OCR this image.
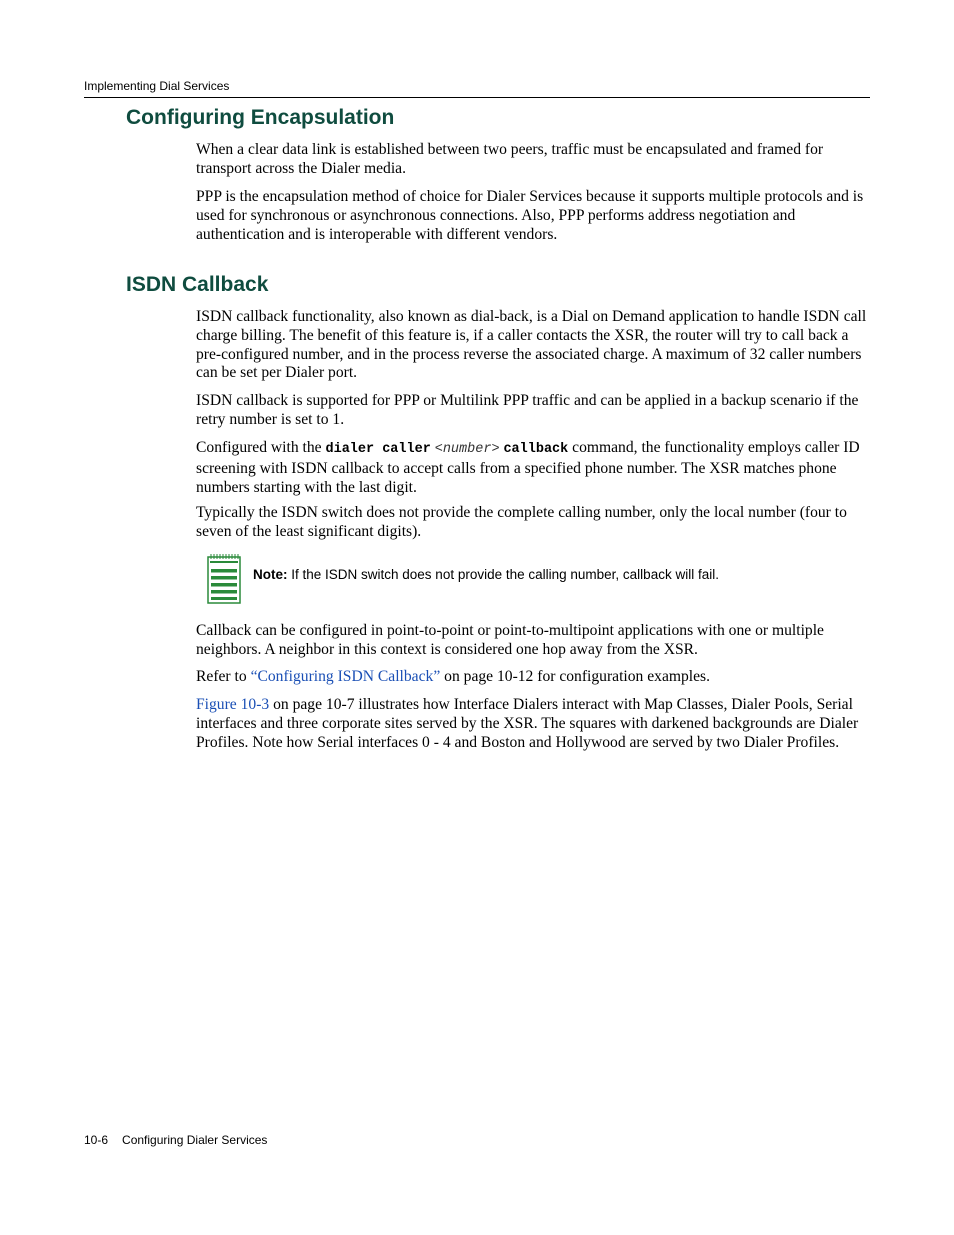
Implementing Dial Services
Configuring Encapsulation

When a clear data link is established between two peers, traffic must be encapsulated and framed for transport across the Dialer media.

PPP is the encapsulation method of choice for Dialer Services because it supports multiple protocols and is used for synchronous or asynchronous connections. Also, PPP performs address negotiation and authentication and is interoperable with different vendors.

ISDN Callback

ISDN callback functionality, also known as dial-back, is a Dial on Demand application to handle ISDN call charge billing. The benefit of this feature is, if a caller contacts the XSR, the router will try to call back a pre-configured number, and in the process reverse the associated charge. A maximum of 32 caller numbers can be set per Dialer port.

ISDN callback is supported for PPP or Multilink PPP traffic and can be applied in a backup scenario if the retry number is set to 1.

Configured with the dialer caller <number> callback command, the functionality employs caller ID screening with ISDN callback to accept calls from a specified phone number. The XSR matches phone numbers starting with the last digit.

Typically the ISDN switch does not provide the complete calling number, only the local number (four to seven of the least significant digits).

Note: If the ISDN switch does not provide the calling number, callback will fail.

Callback can be configured in point-to-point or point-to-multipoint applications with one or multiple neighbors. A neighbor in this context is considered one hop away from the XSR.

Refer to “Configuring ISDN Callback” on page 10-12 for configuration examples.

Figure 10-3 on page 10-7 illustrates how Interface Dialers interact with Map Classes, Dialer Pools, Serial interfaces and three corporate sites served by the XSR. The squares with darkened backgrounds are Dialer Profiles. Note how Serial interfaces 0 - 4 and Boston and Hollywood are served by two Dialer Profiles.

10-6 Configuring Dialer Services
